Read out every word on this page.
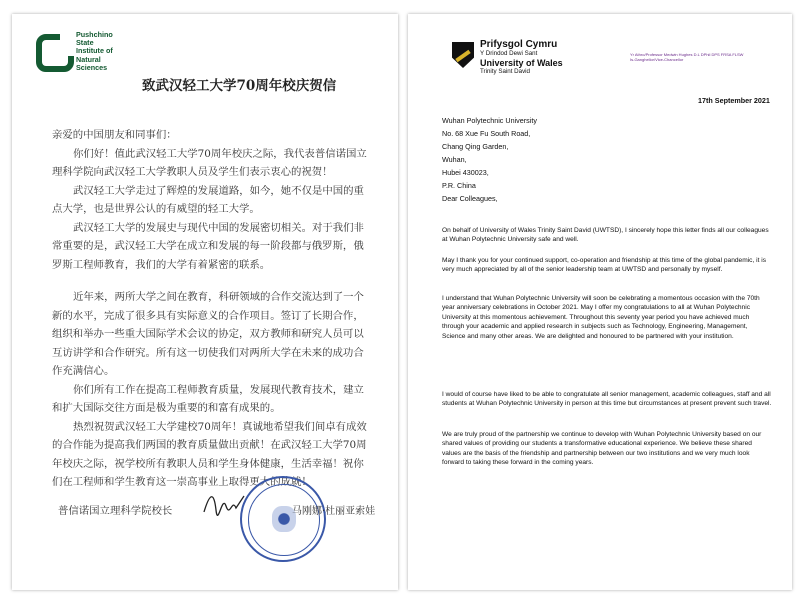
Pushchino
State
Institute of
Natural
Sciences
致武汉轻工大学70周年校庆贺信

亲爱的中国朋友和同事们：

你们好！值此武汉轻工大学70周年校庆之际，我代表普信诺国立理科学院向武汉轻工大学教职人员及学生们表示衷心的祝贺！

武汉轻工大学走过了辉煌的发展道路，如今，她不仅是中国的重点大学，也是世界公认的有威望的轻工大学。

武汉轻工大学的发展史与现代中国的发展密切相关。对于我们非常重要的是，武汉轻工大学在成立和发展的每一阶段都与俄罗斯，俄罗斯工程师教育，我们的大学有着紧密的联系。

近年来，两所大学之间在教育，科研领域的合作交流达到了一个新的水平，完成了很多具有实际意义的合作项目。签订了长期合作，组织和举办一些重大国际学术会议的协定，双方教师和研究人员可以互访讲学和合作研究。所有这一切使我们对两所大学在未来的成功合作充满信心。

你们所有工作在提高工程师教育质量，发展现代教育技术，建立和扩大国际交往方面是极为重要的和富有成果的。

热烈祝贺武汉轻工大学建校70周年！真诚地希望我们间卓有成效的合作能为提高我们两国的教育质量做出贡献！在武汉轻工大学70周年校庆之际，祝学校所有教职人员和学生身体健康，生活幸福！祝你们在工程师和学生教育这一崇高事业上取得更大的成就！

普信诺国立理科学院校长	马刚娜·杜丽亚索娃
Prifysgol Cymru
Y Drindod Dewi Sant
University of Wales
Trinity Saint David
Yr Athro/Professor Medwin Hughes D.L DPhil DPS FRSA FLSW
Is-Ganghellor/Vice-Chancellor
17th September 2021
Wuhan Polytechnic University
No. 68 Xue Fu South Road,
Chang Qing Garden,
Wuhan,
Hubei 430023,
P.R. China

Dear Colleagues,

On behalf of University of Wales Trinity Saint David (UWTSD), I sincerely hope this letter finds all our colleagues at Wuhan Polytechnic University safe and well.

May I thank you for your continued support, co-operation and friendship at this time of the global pandemic, it is very much appreciated by all of the senior leadership team at UWTSD and personally by myself.

I understand that Wuhan Polytechnic University will soon be celebrating a momentous occasion with the 70th year anniversary celebrations in October 2021. May I offer my congratulations to all at Wuhan Polytechnic University at this momentous achievement. Throughout this seventy year period you have achieved much through your academic and applied research in subjects such as Technology, Engineering, Management, Science and many other areas. We are delighted and honoured to be partnered with your institution.

I would of course have liked to be able to congratulate all senior management, academic colleagues, staff and all students at Wuhan Polytechnic University in person at this time but circumstances at present prevent such travel.

We are truly proud of the partnership we continue to develop with Wuhan Polytechnic University based on our shared values of providing our students a transformative educational experience. We believe these shared values are the basis of the friendship and partnership between our two institutions and we very much look forward to taking these forward in the coming years.
